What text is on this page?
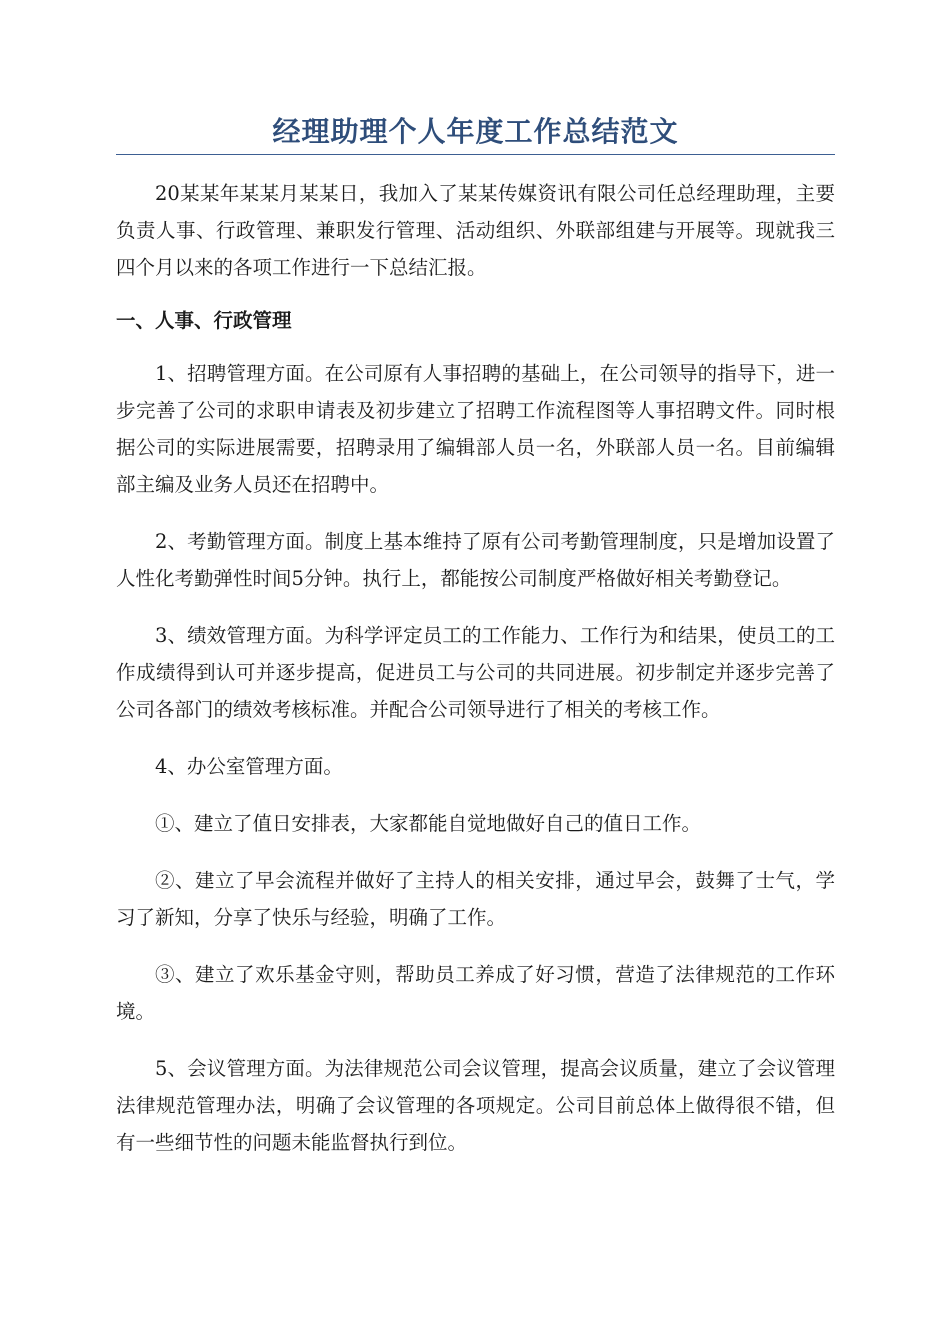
经理助理个人年度工作总结范文

20某某年某某月某某日，我加入了某某传媒资讯有限公司任总经理助理，主要负责人事、行政管理、兼职发行管理、活动组织、外联部组建与开展等。现就我三四个月以来的各项工作进行一下总结汇报。

一、人事、行政管理

1、招聘管理方面。在公司原有人事招聘的基础上，在公司领导的指导下，进一步完善了公司的求职申请表及初步建立了招聘工作流程图等人事招聘文件。同时根据公司的实际进展需要，招聘录用了编辑部人员一名，外联部人员一名。目前编辑部主编及业务人员还在招聘中。

2、考勤管理方面。制度上基本维持了原有公司考勤管理制度，只是增加设置了人性化考勤弹性时间5分钟。执行上，都能按公司制度严格做好相关考勤登记。

3、绩效管理方面。为科学评定员工的工作能力、工作行为和结果，使员工的工作成绩得到认可并逐步提高，促进员工与公司的共同进展。初步制定并逐步完善了公司各部门的绩效考核标准。并配合公司领导进行了相关的考核工作。

4、办公室管理方面。

①、建立了值日安排表，大家都能自觉地做好自己的值日工作。

②、建立了早会流程并做好了主持人的相关安排，通过早会，鼓舞了士气，学习了新知，分享了快乐与经验，明确了工作。

③、建立了欢乐基金守则，帮助员工养成了好习惯，营造了法律规范的工作环境。

5、会议管理方面。为法律规范公司会议管理，提高会议质量，建立了会议管理法律规范管理办法，明确了会议管理的各项规定。公司目前总体上做得很不错，但有一些细节性的问题未能监督执行到位。
